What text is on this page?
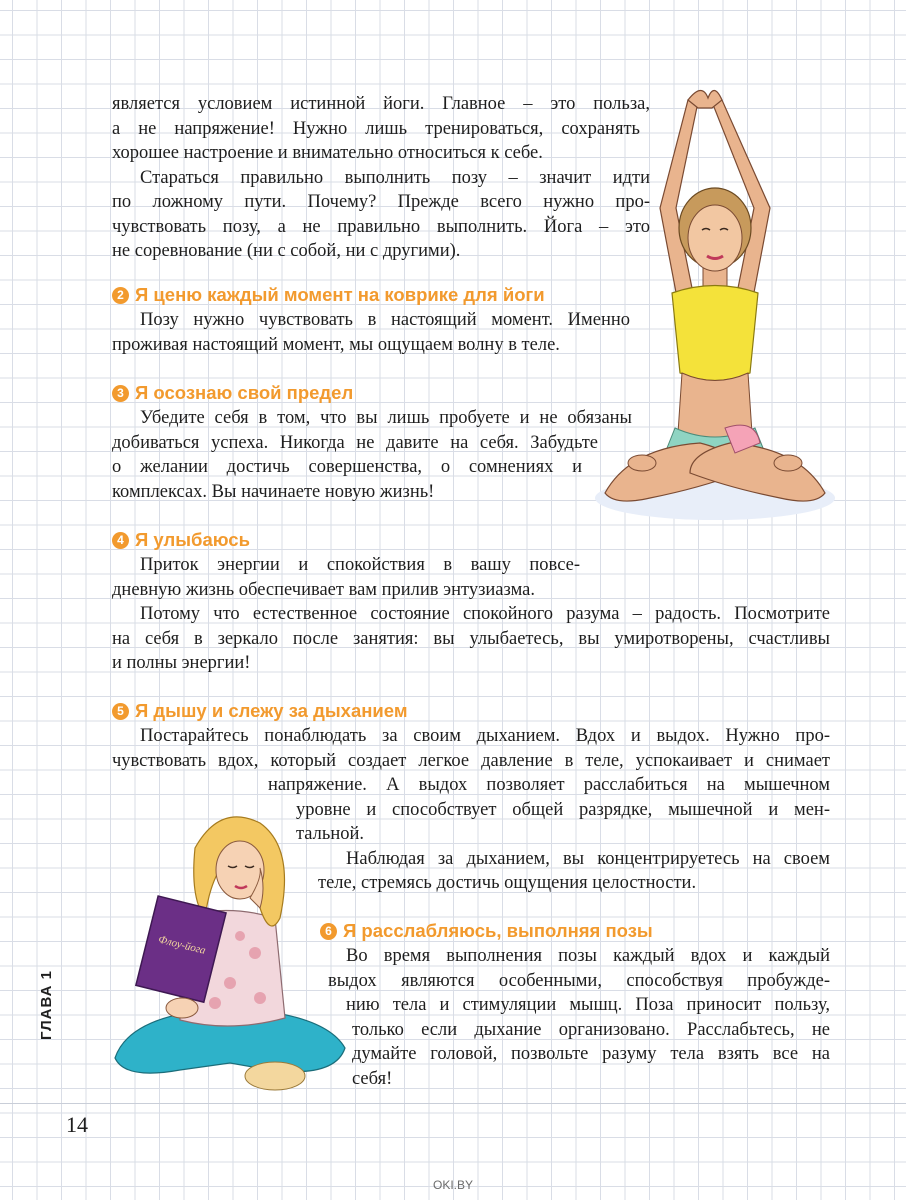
является условием истинной йоги. Главное – это польза,

а не напряжение! Нужно лишь тренироваться, сохранять

хорошее настроение и внимательно относиться к себе.

Стараться правильно выполнить позу – значит идти

по ложному пути. Почему? Прежде всего нужно про-

чувствовать позу, а не правильно выполнить. Йога – это

не соревнование (ни с собой, ни с другими).

2 Я ценю каждый момент на коврике для йоги

Позу нужно чувствовать в настоящий момент. Именно

проживая настоящий момент, мы ощущаем волну в теле.

3 Я осознаю свой предел

Убедите себя в том, что вы лишь пробуете и не обязаны

добиваться успеха. Никогда не давите на себя. Забудьте

о желании достичь совершенства, о сомнениях и

комплексах. Вы начинаете новую жизнь!

4 Я улыбаюсь

Приток энергии и спокойствия в вашу повсе-

дневную жизнь обеспечивает вам прилив энтузиазма.

Потому что естественное состояние спокойного разума – радость. Посмотрите

на себя в зеркало после занятия: вы улыбаетесь, вы умиротворены, счастливы

и полны энергии!

5 Я дышу и слежу за дыханием

Постарайтесь понаблюдать за своим дыханием. Вдох и выдох. Нужно про-

чувствовать вдох, который создает легкое давление в теле, успокаивает и снимает

напряжение. А выдох позволяет расслабиться на мышечном

уровне и способствует общей разрядке, мышечной и мен-

тальной.

Наблюдая за дыханием, вы концентрируетесь на своем

теле, стремясь достичь ощущения целостности.

6 Я расслабляюсь, выполняя позы

Во время выполнения позы каждый вдох и каждый

выдох являются особенными, способствуя пробужде-

нию тела и стимуляции мышц. Поза приносит пользу,

только если дыхание организовано. Расслабьтесь, не

думайте головой, позвольте разуму тела взять все на

себя!

Флоу-йога
ГЛАВА 1
14
OKI.BY
